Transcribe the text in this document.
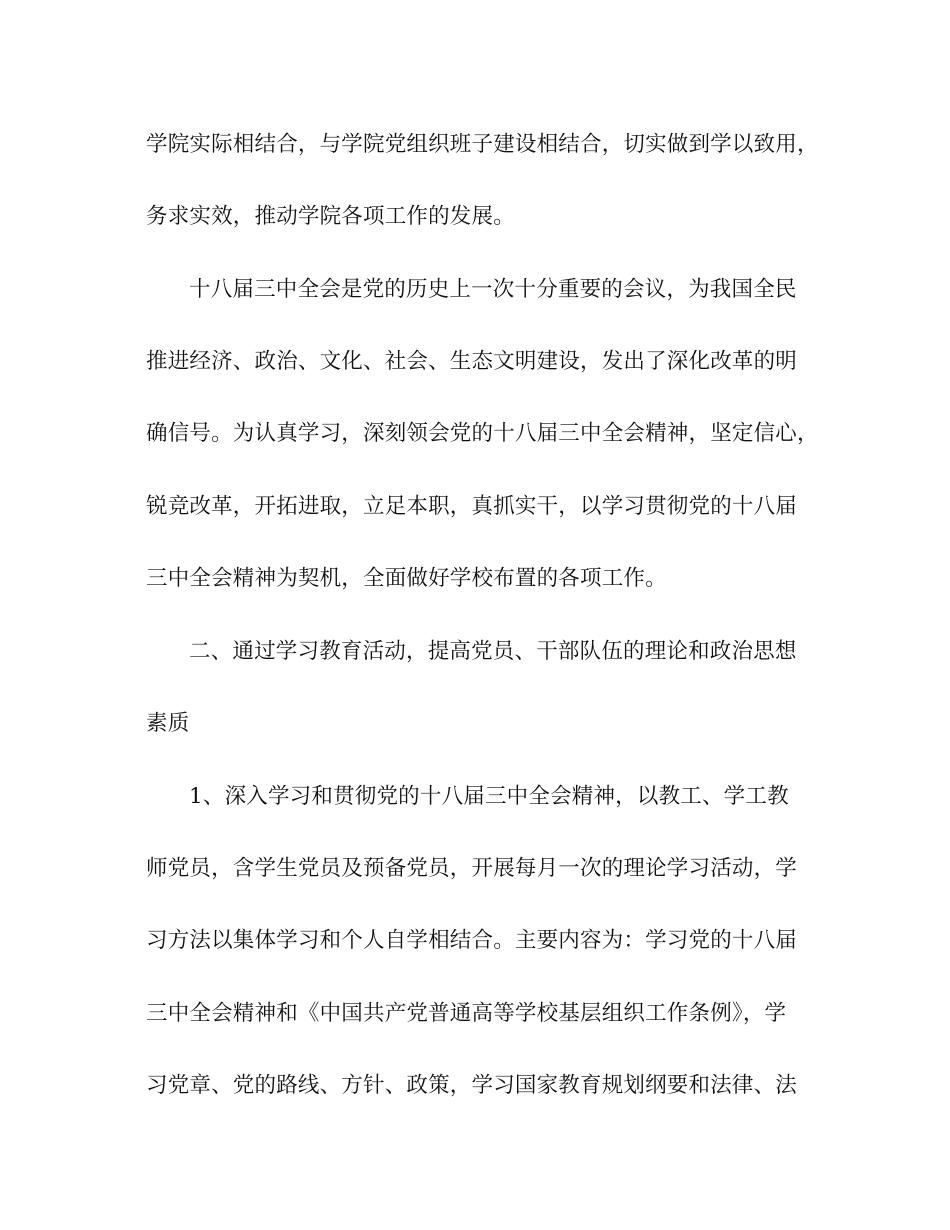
学院实际相结合，与学院党组织班子建设相结合，切实做到学以致用，
务求实效，推动学院各项工作的发展。
十八届三中全会是党的历史上一次十分重要的会议，为我国全民
推进经济、政治、文化、社会、生态文明建设，发出了深化改革的明
确信号。为认真学习，深刻领会党的十八届三中全会精神，坚定信心，
锐竞改革，开拓进取，立足本职，真抓实干，以学习贯彻党的十八届
三中全会精神为契机，全面做好学校布置的各项工作。
二、通过学习教育活动，提高党员、干部队伍的理论和政治思想
素质
1、深入学习和贯彻党的十八届三中全会精神，以教工、学工教
师党员，含学生党员及预备党员，开展每月一次的理论学习活动，学
习方法以集体学习和个人自学相结合。主要内容为：学习党的十八届
三中全会精神和《中国共产党普通高等学校基层组织工作条例》，学
习党章、党的路线、方针、政策，学习国家教育规划纲要和法律、法
